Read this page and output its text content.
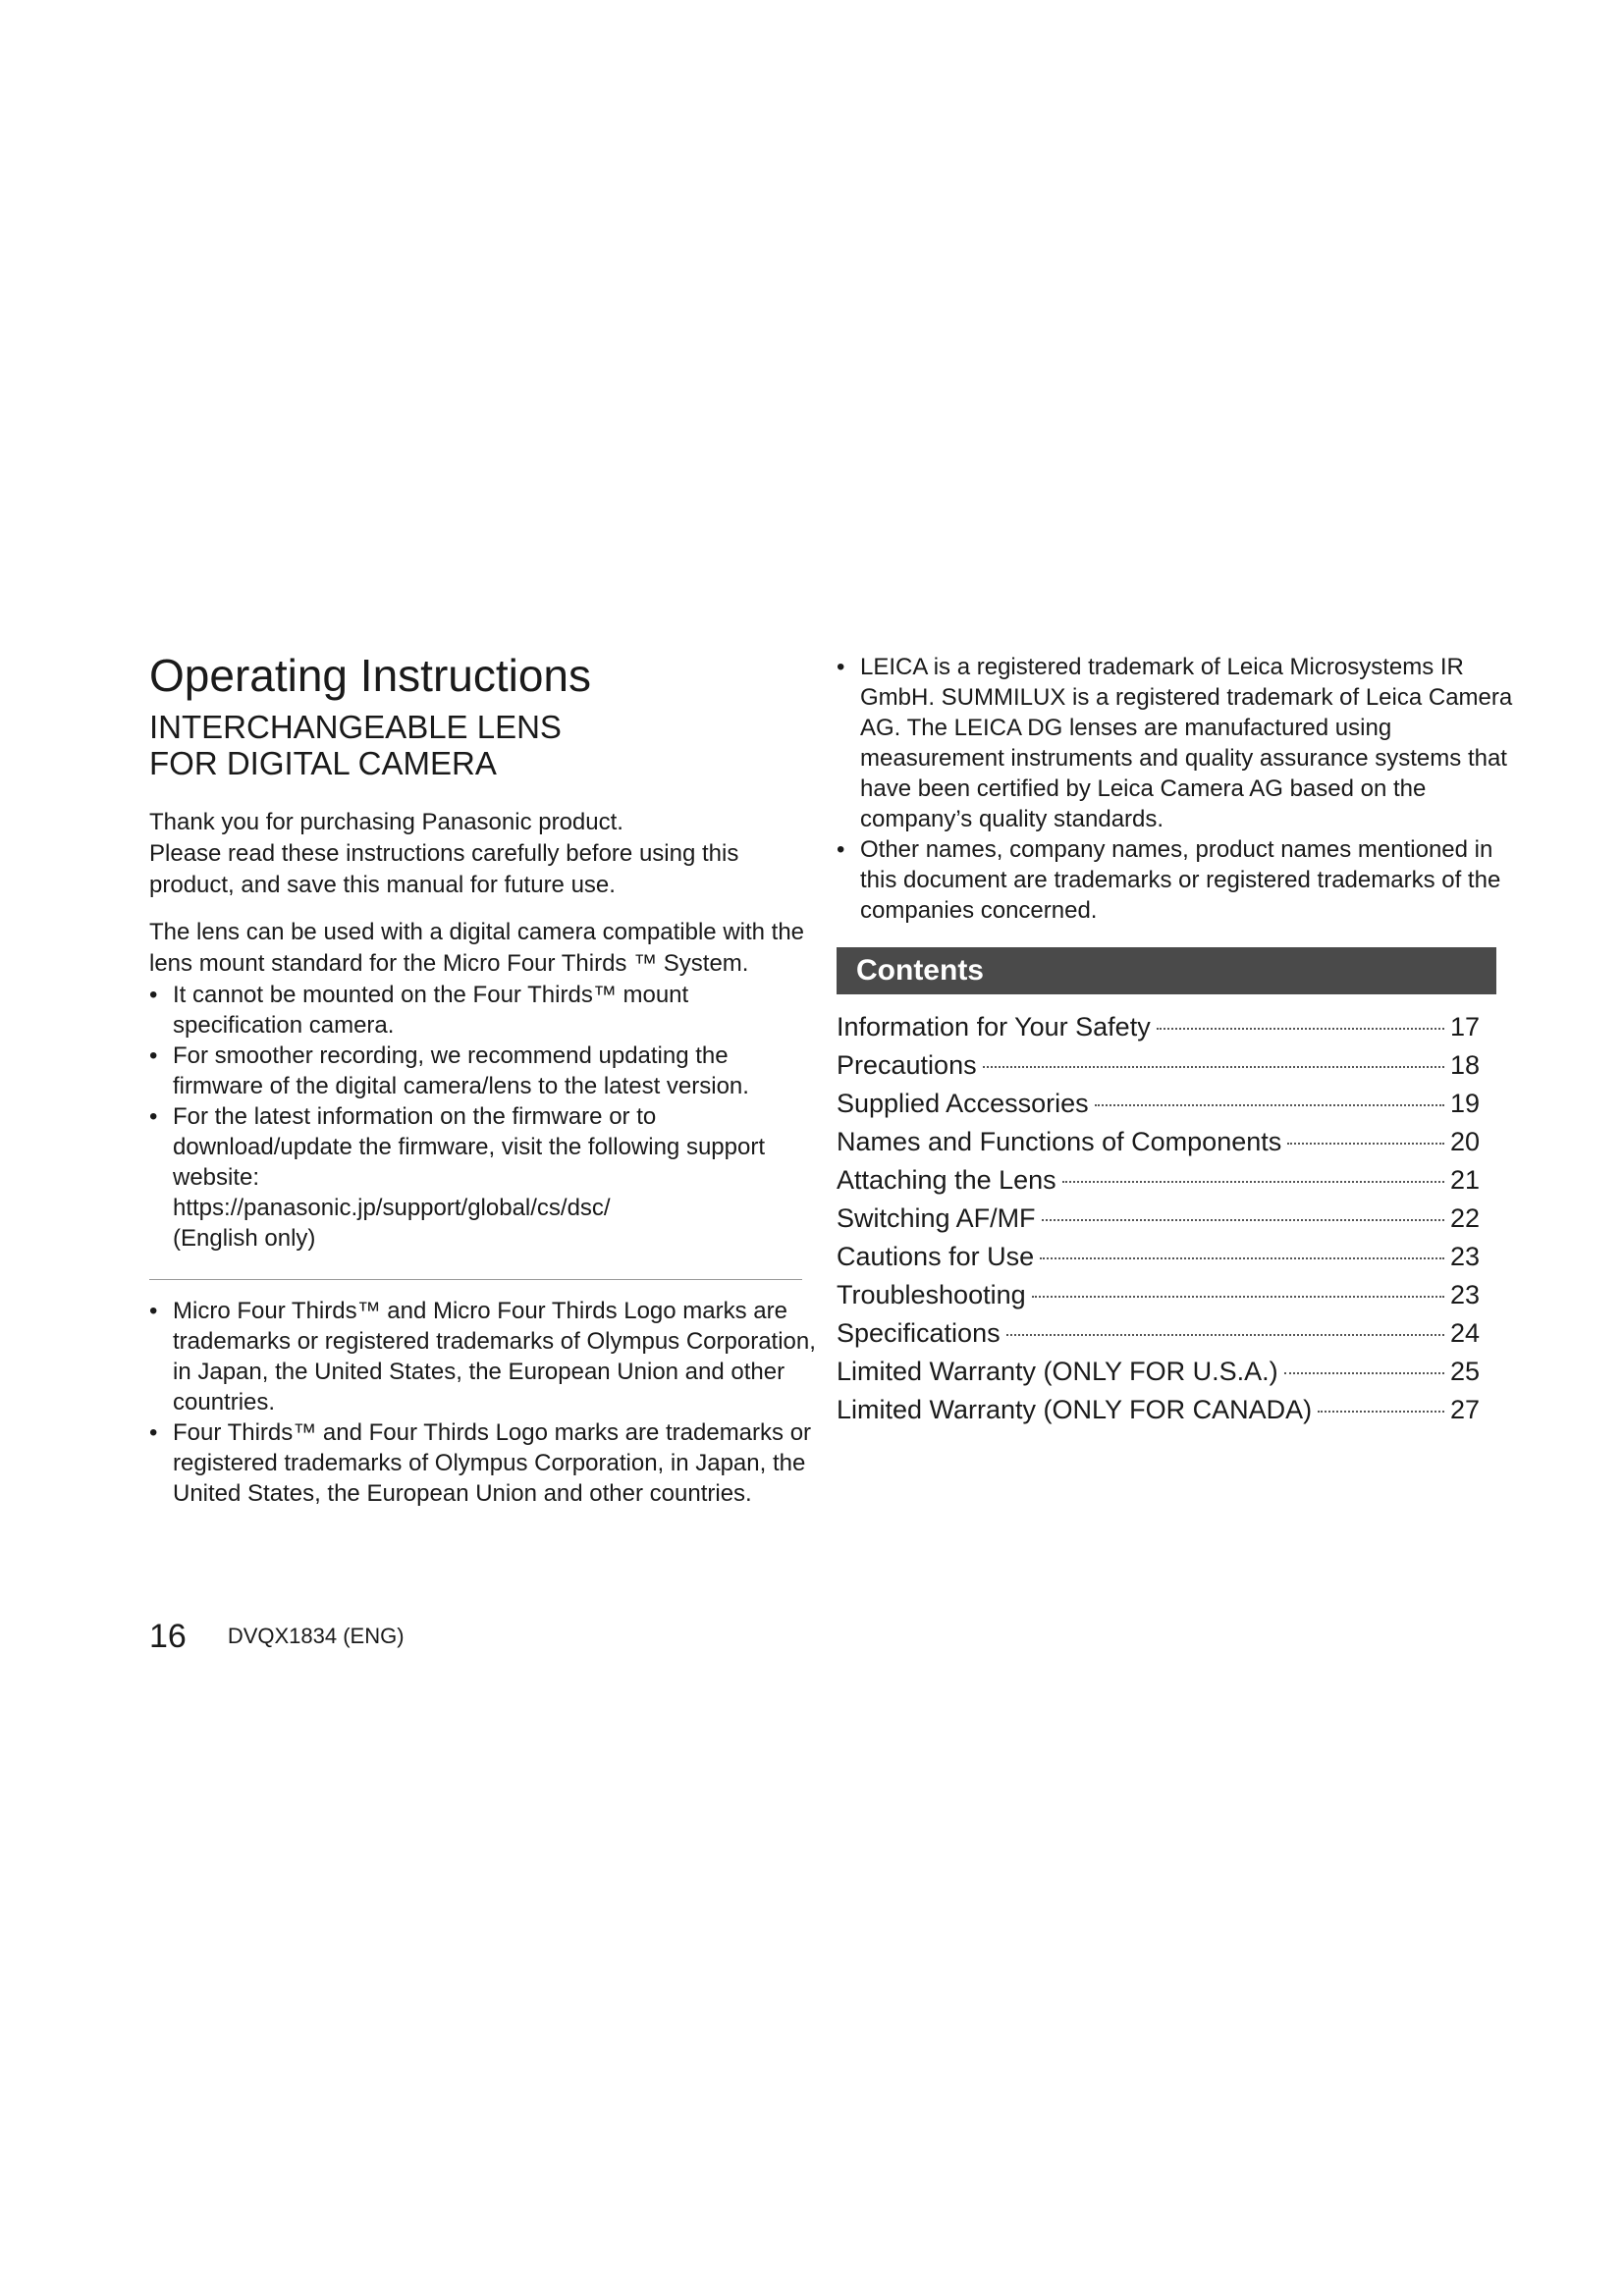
Operating Instructions
INTERCHANGEABLE LENS
FOR DIGITAL CAMERA

Thank you for purchasing Panasonic product.

Please read these instructions carefully before using this product, and save this manual for future use.

The lens can be used with a digital camera compatible with the lens mount standard for the Micro Four Thirds ™ System.

• It cannot be mounted on the Four Thirds™ mount specification camera.
• For smoother recording, we recommend updating the firmware of the digital camera/lens to the latest version.
• For the latest information on the firmware or to download/update the firmware, visit the following support website:
https://panasonic.jp/support/global/cs/dsc/
(English only)
• Micro Four Thirds™ and Micro Four Thirds Logo marks are trademarks or registered trademarks of Olympus Corporation, in Japan, the United States, the European Union and other countries.
• Four Thirds™ and Four Thirds Logo marks are trademarks or registered trademarks of Olympus Corporation, in Japan, the United States, the European Union and other countries.
• LEICA is a registered trademark of Leica Microsystems IR GmbH. SUMMILUX is a registered trademark of Leica Camera AG. The LEICA DG lenses are manufactured using measurement instruments and quality assurance systems that have been certified by Leica Camera AG based on the company’s quality standards.
• Other names, company names, product names mentioned in this document are trademarks or registered trademarks of the companies concerned.
Contents
Information for Your Safety	17
Precautions	18
Supplied Accessories	19
Names and Functions of Components	20
Attaching the Lens	21
Switching AF/MF	22
Cautions for Use	23
Troubleshooting	23
Specifications	24
Limited Warranty (ONLY FOR U.S.A.)	25
Limited Warranty (ONLY FOR CANADA)	27
16 DVQX1834 (ENG)
